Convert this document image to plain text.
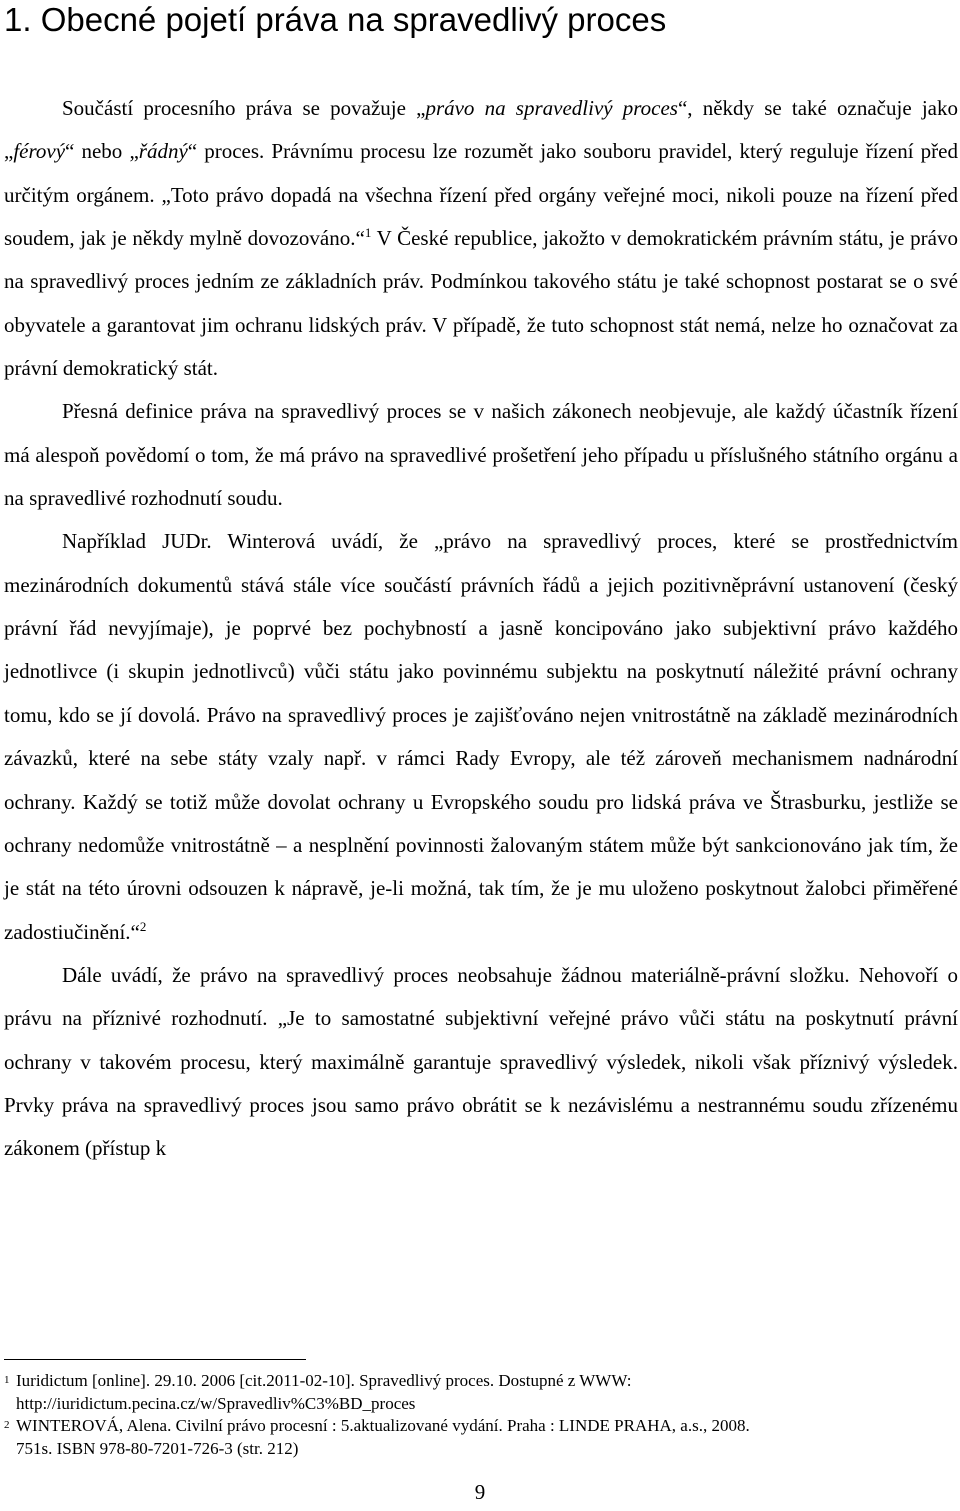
1. Obecné pojetí práva na spravedlivý proces

Součástí procesního práva se považuje „právo na spravedlivý proces“, někdy se také označuje jako „férový“ nebo „řádný“ proces. Právnímu procesu lze rozumět jako souboru pravidel, který reguluje řízení před určitým orgánem. „Toto právo dopadá na všechna řízení před orgány veřejné moci, nikoli pouze na řízení před soudem, jak je někdy mylně dovozováno.“$^1$ V České republice, jakožto v demokratickém právním státu, je právo na spravedlivý proces jedním ze základních práv. Podmínkou takového státu je také schopnost postarat se o své obyvatele a garantovat jim ochranu lidských práv. V případě, že tuto schopnost stát nemá, nelze ho označovat za právní demokratický stát.

Přesná definice práva na spravedlivý proces se v našich zákonech neobjevuje, ale každý účastník řízení má alespoň povědomí o tom, že má právo na spravedlivé prošetření jeho případu u příslušného státního orgánu a na spravedlivé rozhodnutí soudu.

Například JUDr. Winterová uvádí, že „právo na spravedlivý proces, které se prostřednictvím mezinárodních dokumentů stává stále více součástí právních řádů a jejich pozitivněprávní ustanovení (český právní řád nevyjímaje), je poprvé bez pochybností a jasně koncipováno jako subjektivní právo každého jednotlivce (i skupin jednotlivců) vůči státu jako povinnému subjektu na poskytnutí náležité právní ochrany tomu, kdo se jí dovolá. Právo na spravedlivý proces je zajišťováno nejen vnitrostátně na základě mezinárodních závazků, které na sebe státy vzaly např. v rámci Rady Evropy, ale též zároveň mechanismem nadnárodní ochrany. Každý se totiž může dovolat ochrany u Evropského soudu pro lidská práva ve Štrasburku, jestliže se ochrany nedomůže vnitrostátně – a nesplnění povinnosti žalovaným státem může být sankcionováno jak tím, že je stát na této úrovni odsouzen k nápravě, je-li možná, tak tím, že je mu uloženo poskytnout žalobci přiměřené zadostiučinění.“$^2$

Dále uvádí, že právo na spravedlivý proces neobsahuje žádnou materiálně-právní složku. Nehovoří o právu na příznivé rozhodnutí. „Je to samostatné subjektivní veřejné právo vůči státu na poskytnutí právní ochrany v takovém procesu, který maximálně garantuje spravedlivý výsledek, nikoli však příznivý výsledek. Prvky práva na spravedlivý proces jsou samo právo obrátit se k nezávislému a nestrannému soudu zřízenému zákonem (přístup k

1 Iuridictum [online]. 29.10. 2006 [cit.2011-02-10]. Spravedlivý proces. Dostupné z WWW:
http://iuridictum.pecina.cz/w/Spravedliv%C3%BD_proces
2 WINTEROVÁ, Alena. Civilní právo procesní : 5.aktualizované vydání. Praha : LINDE PRAHA, a.s., 2008.
751s. ISBN 978-80-7201-726-3 (str. 212)
9
